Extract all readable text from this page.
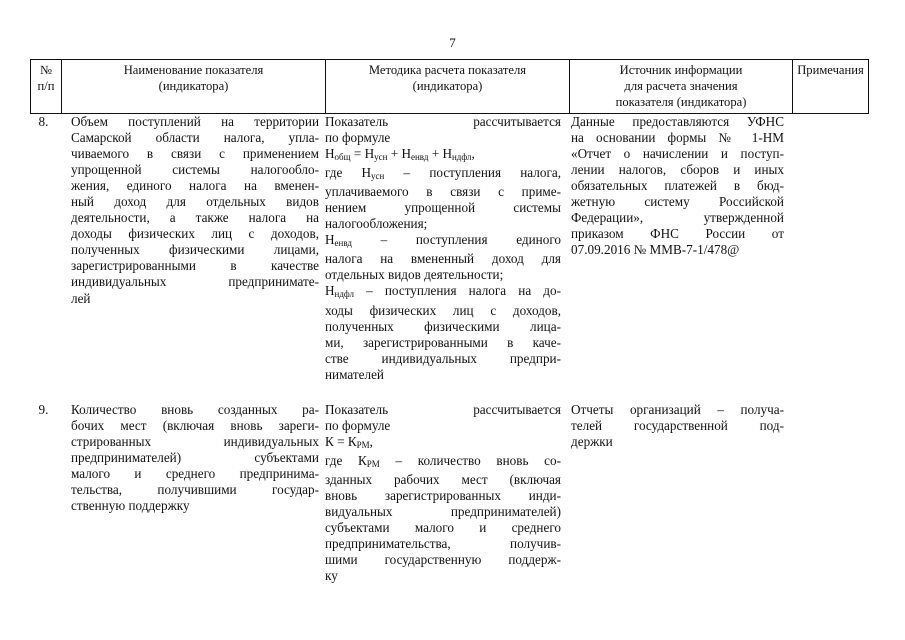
7
№
п/п
Наименование показателя
(индикатора)
Методика расчета показателя
(индикатора)
Источник информации
для расчета значения
показателя (индикатора)
Примечания
8.	Объем поступлений на территории
Самарской области налога, упла-
чиваемого в связи с применением
упрощенной системы налогообло-
жения, единого налога на вменен-
ный доход для отдельных видов
деятельности, а также налога на
доходы физических лиц с доходов,
полученных физическими лицами,
зарегистрированными в качестве
индивидуальных предпринимате-
лей
Показатель рассчитывается
по формуле
$Н_{общ} = Н_{усн} + Н_{енвд} + Н_{ндфл}$,
где $Н_{усн}$ – поступления налога,
уплачиваемого в связи с приме-
нением упрощенной системы
налогообложения;
$Н_{енвд}$ – поступления единого
налога на вмененный доход для
отдельных видов деятельности;
$Н_{ндфл}$ – поступления налога на до-
ходы физических лиц с доходов,
полученных физическими лица-
ми, зарегистрированными в каче-
стве индивидуальных предпри-
нимателей
Данные предоставляются УФНС
на основании формы № 1-НМ
«Отчет о начислении и поступ-
лении налогов, сборов и иных
обязательных платежей в бюд-
жетную систему Российской
Федерации», утвержденной
приказом ФНС России от
07.09.2016 № ММВ-7-1/478@
9.	Количество вновь созданных ра-
бочих мест (включая вновь зареги-
стрированных индивидуальных
предпринимателей) субъектами
малого и среднего предпринима-
тельства, получившими государ-
ственную поддержку
Показатель рассчитывается
по формуле
$К = К_{РМ}$,
где $К_{РМ}$ – количество вновь со-
зданных рабочих мест (включая
вновь зарегистрированных инди-
видуальных предпринимателей)
субъектами малого и среднего
предпринимательства, получив-
шими государственную поддерж-
ку
Отчеты организаций – получа-
телей государственной под-
держки
